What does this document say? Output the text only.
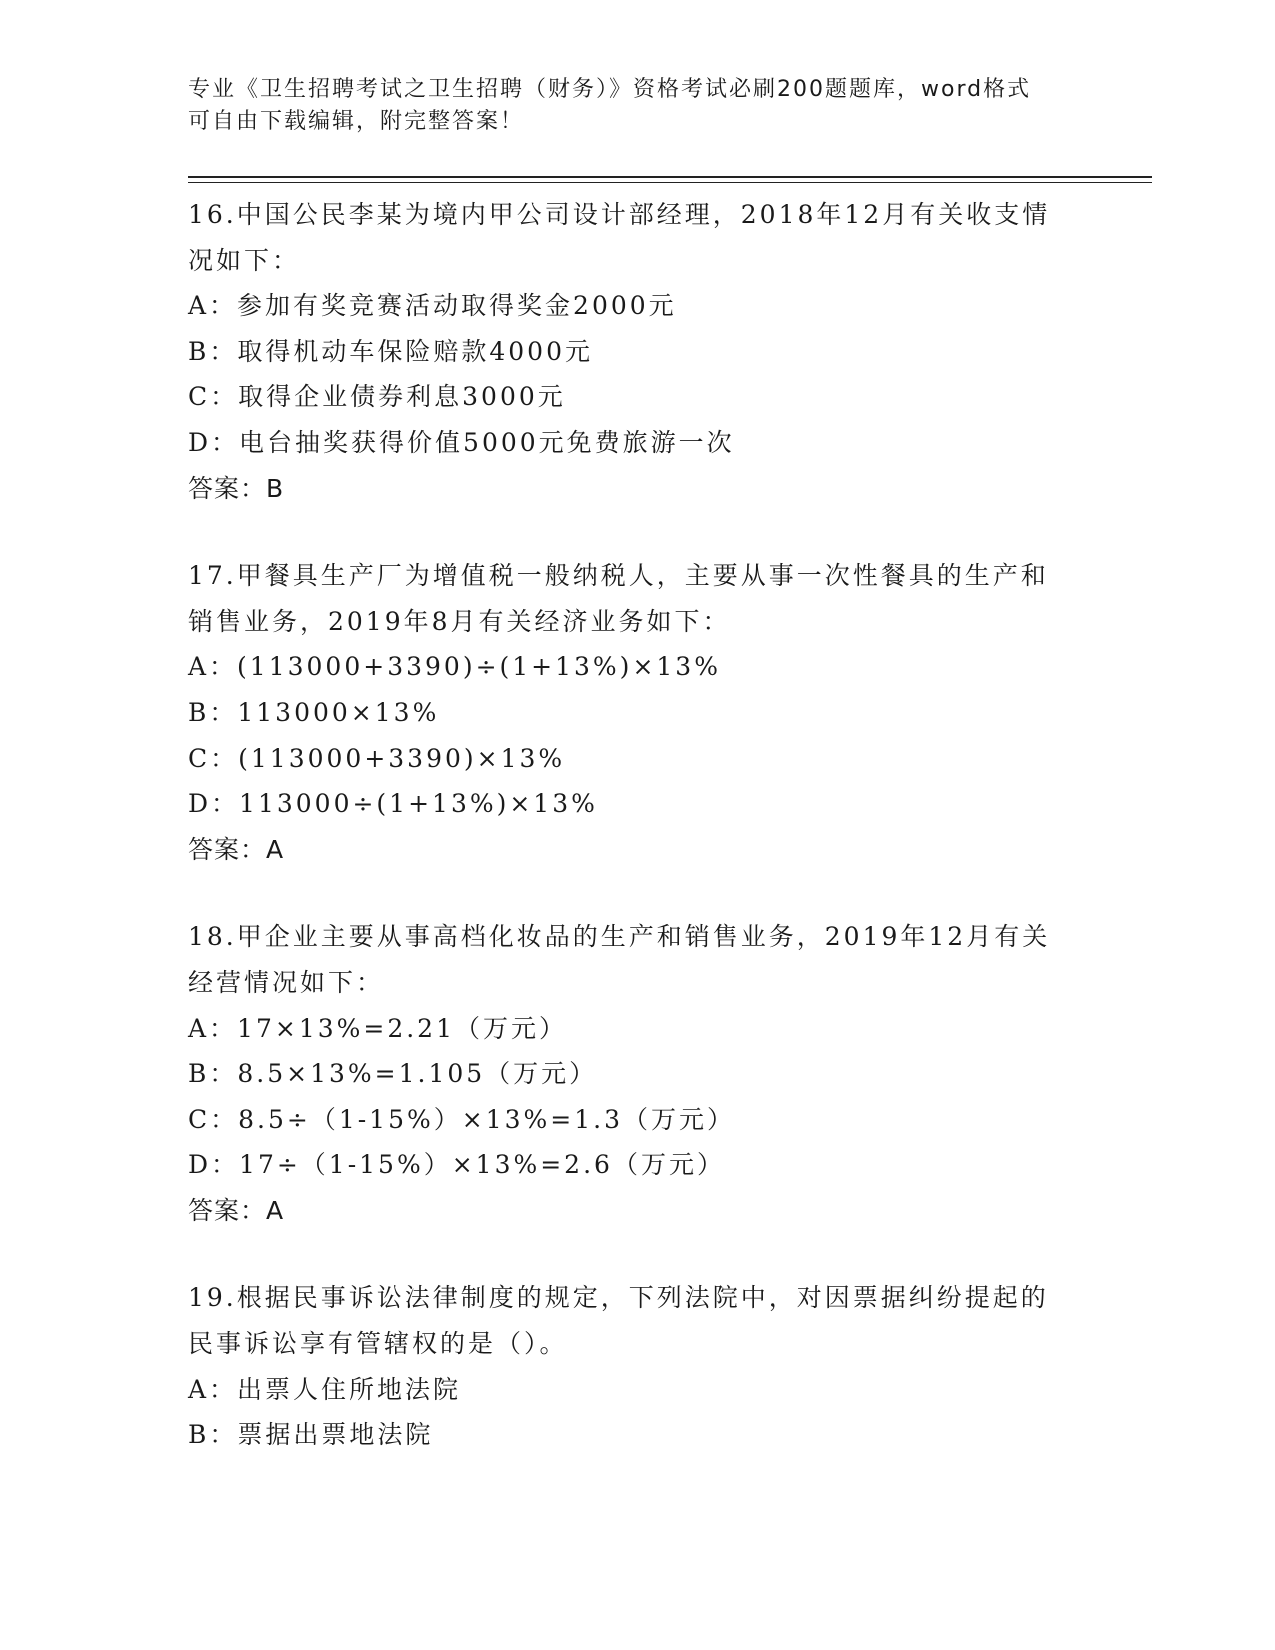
专业《卫生招聘考试之卫生招聘（财务）》资格考试必刷200题题库，word格式
可自由下载编辑，附完整答案！
16.中国公民李某为境内甲公司设计部经理，2018年12月有关收支情
况如下：
A：参加有奖竞赛活动取得奖金2000元
B：取得机动车保险赔款4000元
C：取得企业债券利息3000元
D：电台抽奖获得价值5000元免费旅游一次
答案：B
17.甲餐具生产厂为增值税一般纳税人，主要从事一次性餐具的生产和
销售业务，2019年8月有关经济业务如下：
A：(113000+3390)÷(1+13%)×13%
B：113000×13%
C：(113000+3390)×13%
D：113000÷(1+13%)×13%
答案：A
18.甲企业主要从事高档化妆品的生产和销售业务，2019年12月有关
经营情况如下：
A：17×13%=2.21（万元）
B：8.5×13%=1.105（万元）
C：8.5÷（1-15%）×13%=1.3（万元）
D：17÷（1-15%）×13%=2.6（万元）
答案：A
19.根据民事诉讼法律制度的规定，下列法院中，对因票据纠纷提起的
民事诉讼享有管辖权的是（）。
A：出票人住所地法院
B：票据出票地法院
